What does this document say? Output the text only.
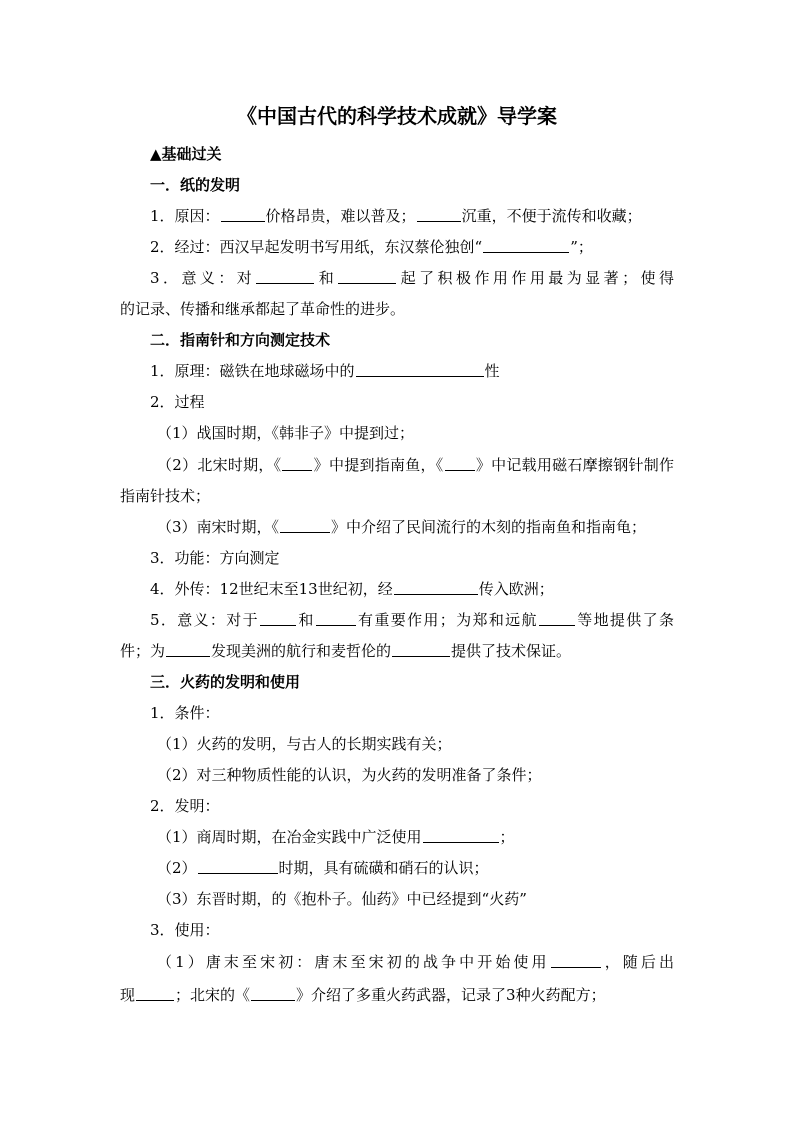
《中国古代的科学技术成就》导学案
▲基础过关
一．纸的发明
1．原因：	价格昂贵，难以普及；	沉重，不便于流传和收藏；
2．经过：西汉早起发明书写用纸，东汉蔡伦独创“	”；
3．意义：对	和	起了积极作用作用最为显著；使得
的记录、传播和继承都起了革命性的进步。
二．指南针和方向测定技术
1．原理：磁铁在地球磁场中的	性
2．过程
（1）战国时期，《韩非子》中提到过；
（2）北宋时期，《 》中提到指南鱼，《 》中记载用磁石摩擦钢针制作
指南针技术；
（3）南宋时期，《	》中介绍了民间流行的木刻的指南鱼和指南龟；
3．功能：方向测定
4．外传：12世纪末至13世纪初，经	传入欧洲；
5．意义：对于	和	有重要作用；为郑和远航	等地提供了条
件；为	发现美洲的航行和麦哲伦的	提供了技术保证。
三．火药的发明和使用
1．条件：
（1）火药的发明，与古人的长期实践有关；
（2）对三种物质性能的认识，为火药的发明准备了条件；
2．发明：
（1）商周时期，在冶金实践中广泛使用	；
（2）	时期，具有硫磺和硝石的认识；
（3）东晋时期，的《抱朴子。仙药》中已经提到“火药”
3．使用：
（1）唐末至宋初：唐末至宋初的战争中开始使用	，随后出
现	；北宋的《	》介绍了多重火药武器，记录了3种火药配方；
